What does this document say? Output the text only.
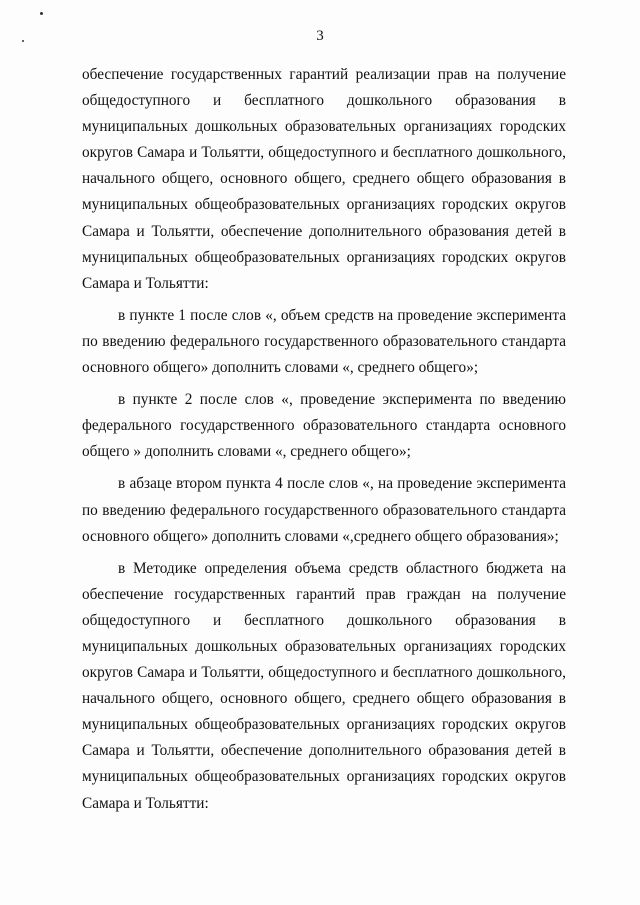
3

обеспечение государственных гарантий реализации прав на получение общедоступного и бесплатного дошкольного образования в муниципальных дошкольных образовательных организациях городских округов Самара и Тольятти, общедоступного и бесплатного дошкольного, начального общего, основного общего, среднего общего образования в муниципальных общеобразовательных организациях городских округов Самара и Тольятти, обеспечение дополнительного образования детей в муниципальных общеобразовательных организациях городских округов Самара и Тольятти:

в пункте 1 после слов «, объем средств на проведение эксперимента по введению федерального государственного образовательного стандарта основного общего» дополнить словами «, среднего общего»;

в пункте 2 после слов «, проведение эксперимента по введению федерального государственного образовательного стандарта основного общего » дополнить словами «, среднего общего»;

в абзаце втором пункта 4 после слов «, на проведение эксперимента по введению федерального государственного образовательного стандарта основного общего» дополнить словами «,среднего общего образования»;

в Методике определения объема средств областного бюджета на обеспечение государственных гарантий прав граждан на получение общедоступного и бесплатного дошкольного образования в муниципальных дошкольных образовательных организациях городских округов Самара и Тольятти, общедоступного и бесплатного дошкольного, начального общего, основного общего, среднего общего образования в муниципальных общеобразовательных организациях городских округов Самара и Тольятти, обеспечение дополнительного образования детей в муниципальных общеобразовательных организациях городских округов Самара и Тольятти:
